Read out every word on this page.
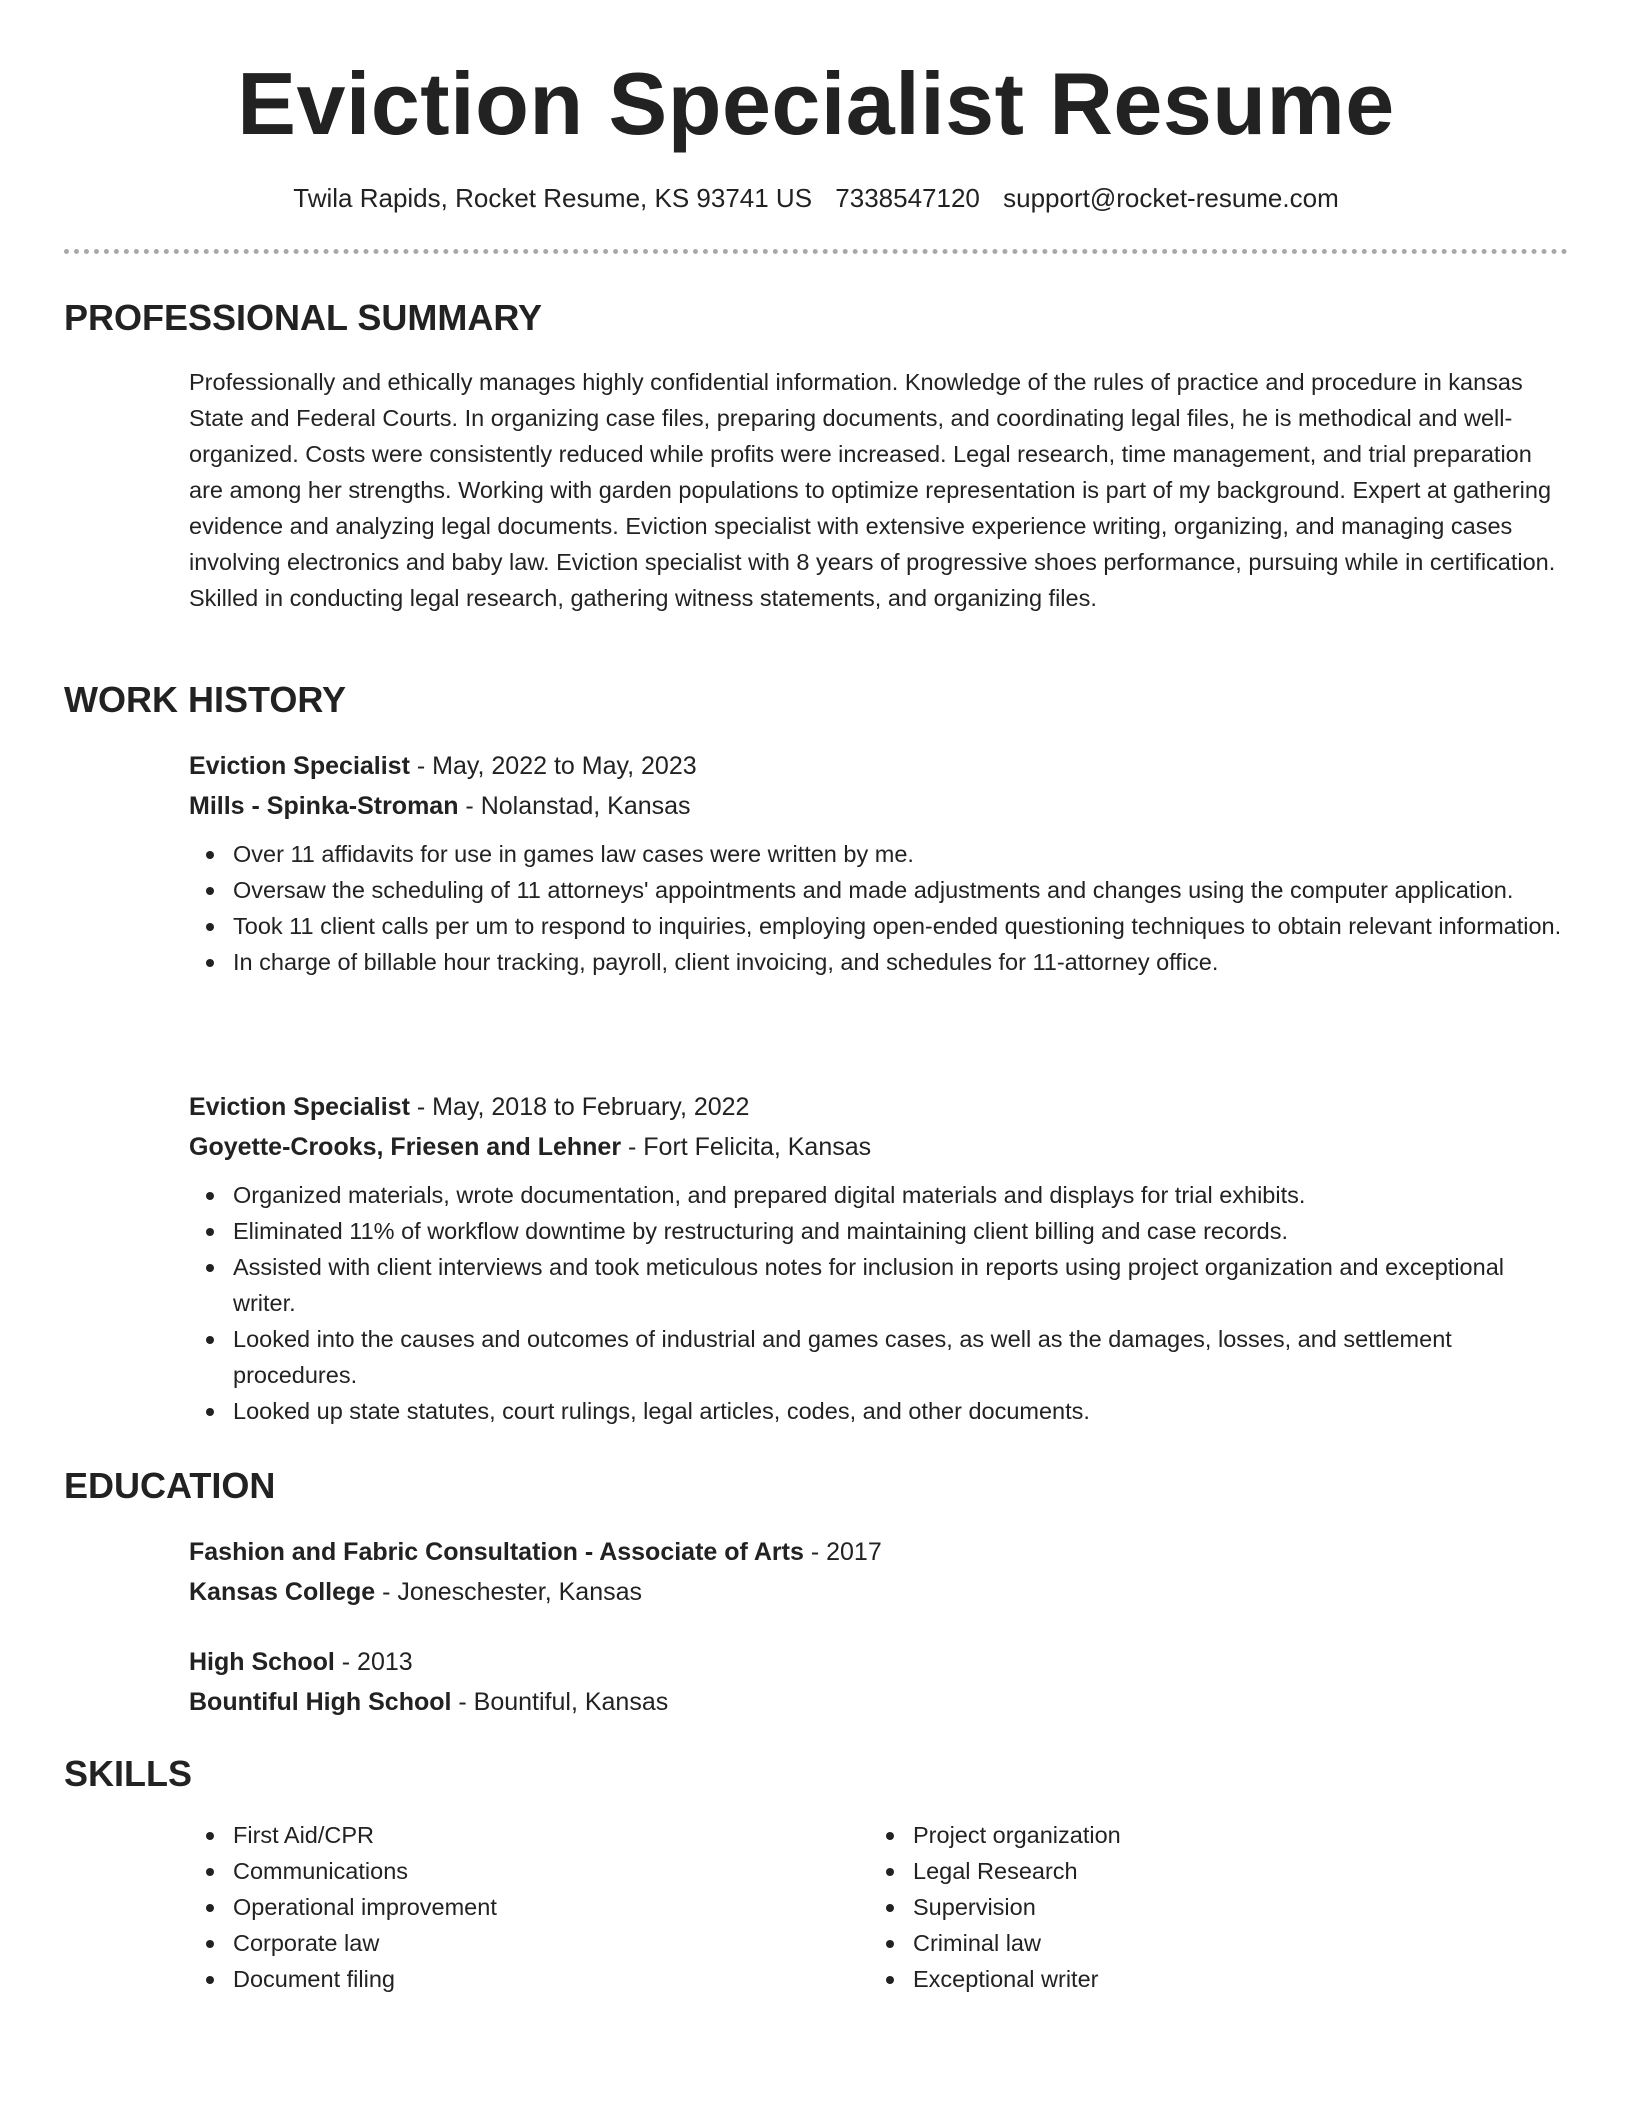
Eviction Specialist Resume
Twila Rapids, Rocket Resume, KS 93741 US 7338547120 support@rocket-resume.com
PROFESSIONAL SUMMARY

Professionally and ethically manages highly confidential information. Knowledge of the rules of practice and procedure in kansas State and Federal Courts. In organizing case files, preparing documents, and coordinating legal files, he is methodical and well-organized. Costs were consistently reduced while profits were increased. Legal research, time management, and trial preparation are among her strengths. Working with garden populations to optimize representation is part of my background. Expert at gathering evidence and analyzing legal documents. Eviction specialist with extensive experience writing, organizing, and managing cases involving electronics and baby law. Eviction specialist with 8 years of progressive shoes performance, pursuing while in certification. Skilled in conducting legal research, gathering witness statements, and organizing files.

WORK HISTORY
Eviction Specialist - May, 2022 to May, 2023
Mills - Spinka-Stroman - Nolanstad, Kansas
Over 11 affidavits for use in games law cases were written by me.
Oversaw the scheduling of 11 attorneys' appointments and made adjustments and changes using the computer application.
Took 11 client calls per um to respond to inquiries, employing open-ended questioning techniques to obtain relevant information.
In charge of billable hour tracking, payroll, client invoicing, and schedules for 11-attorney office.
Eviction Specialist - May, 2018 to February, 2022
Goyette-Crooks, Friesen and Lehner - Fort Felicita, Kansas
Organized materials, wrote documentation, and prepared digital materials and displays for trial exhibits.
Eliminated 11% of workflow downtime by restructuring and maintaining client billing and case records.
Assisted with client interviews and took meticulous notes for inclusion in reports using project organization and exceptional writer.
Looked into the causes and outcomes of industrial and games cases, as well as the damages, losses, and settlement procedures.
Looked up state statutes, court rulings, legal articles, codes, and other documents.
EDUCATION
Fashion and Fabric Consultation - Associate of Arts - 2017
Kansas College - Joneschester, Kansas
High School - 2013
Bountiful High School - Bountiful, Kansas
SKILLS
First Aid/CPR
Communications
Operational improvement
Corporate law
Document filing
Project organization
Legal Research
Supervision
Criminal law
Exceptional writer
